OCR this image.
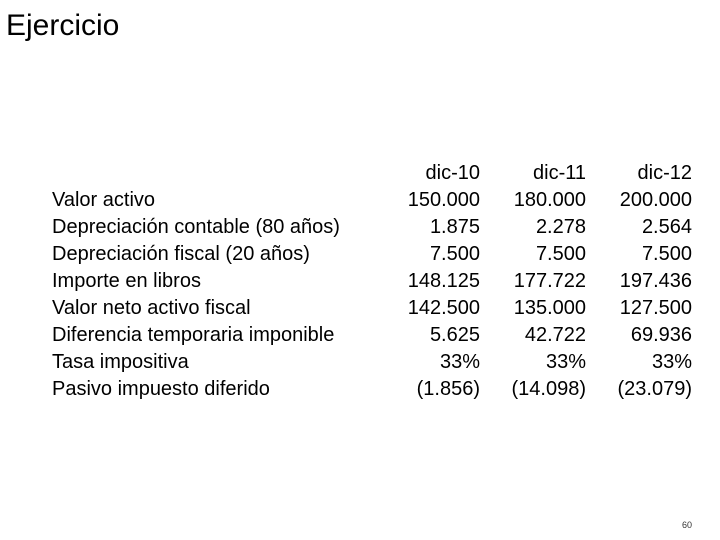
Ejercicio
	dic-10	dic-11	dic-12
Valor activo	150.000	180.000	200.000
Depreciación contable (80 años)	1.875	2.278	2.564
Depreciación fiscal (20 años)	7.500	7.500	7.500
Importe en libros	148.125	177.722	197.436
Valor neto activo fiscal	142.500	135.000	127.500
Diferencia temporaria imponible	5.625	42.722	69.936
Tasa impositiva	33%	33%	33%
Pasivo impuesto diferido	(1.856)	(14.098)	(23.079)
60
